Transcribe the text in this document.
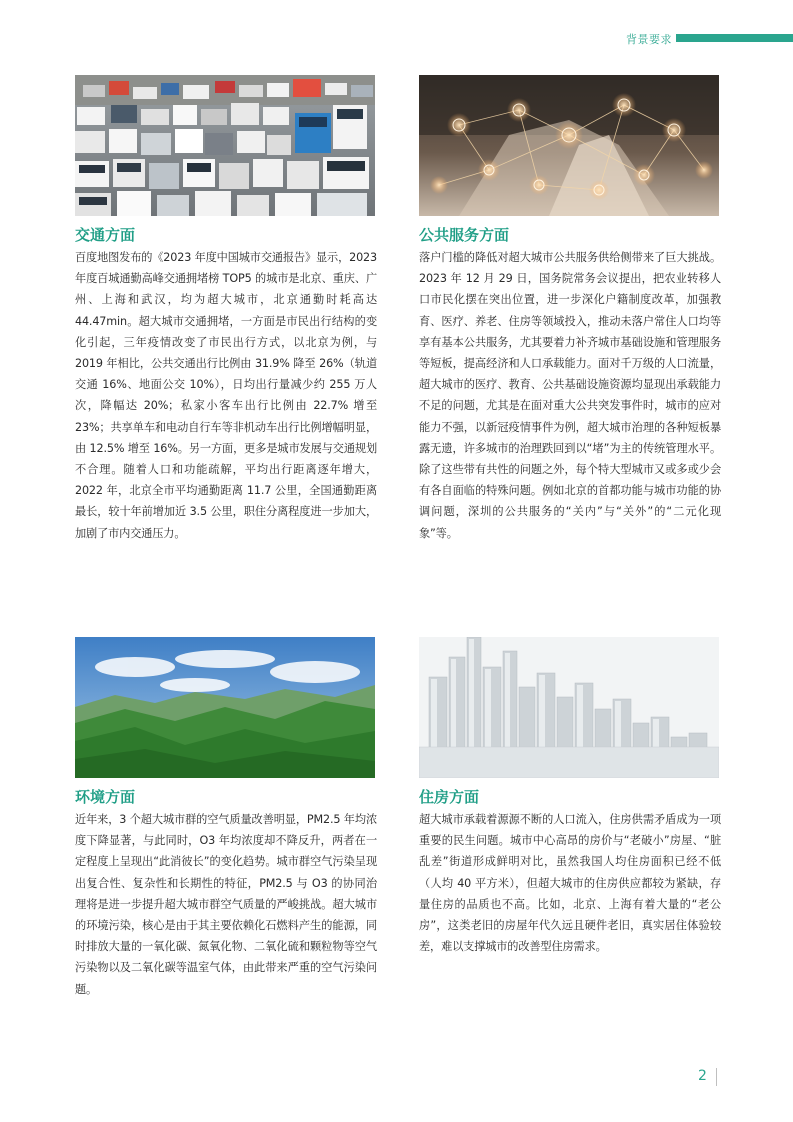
背景要求
交通方面
百度地图发布的《2023 年度中国城市交通报告》显示，2023 年度百城通勤高峰交通拥堵榜 TOP5 的城市是北京、重庆、广州、上海和武汉，均为超大城市，北京通勤时耗高达 44.47min。超大城市交通拥堵，一方面是市民出行结构的变化引起，三年疫情改变了市民出行方式，以北京为例，与 2019 年相比，公共交通出行比例由 31.9% 降至 26%（轨道交通 16%、地面公交 10%），日均出行量减少约 255 万人次，降幅达 20%；私家小客车出行比例由 22.7% 增至 23%；共享单车和电动自行车等非机动车出行比例增幅明显，由 12.5% 增至 16%。另一方面，更多是城市发展与交通规划不合理。随着人口和功能疏解，平均出行距离逐年增大，2022 年，北京全市平均通勤距离 11.7 公里，全国通勤距离最长，较十年前增加近 3.5 公里，职住分离程度进一步加大，加剧了市内交通压力。
公共服务方面
落户门槛的降低对超大城市公共服务供给侧带来了巨大挑战。2023 年 12 月 29 日，国务院常务会议提出，把农业转移人口市民化摆在突出位置，进一步深化户籍制度改革，加强教育、医疗、养老、住房等领域投入，推动未落户常住人口均等享有基本公共服务，尤其要着力补齐城市基础设施和管理服务等短板，提高经济和人口承载能力。面对千万级的人口流量，超大城市的医疗、教育、公共基础设施资源均显现出承载能力不足的问题，尤其是在面对重大公共突发事件时，城市的应对能力不强，以新冠疫情事件为例，超大城市治理的各种短板暴露无遗，许多城市的治理跌回到以“堵”为主的传统管理水平。除了这些带有共性的问题之外，每个特大型城市又或多或少会有各自面临的特殊问题。例如北京的首都功能与城市功能的协调问题，深圳的公共服务的“关内”与“关外”的“二元化现象”等。
环境方面
近年来，3 个超大城市群的空气质量改善明显，PM2.5 年均浓度下降显著，与此同时，O3 年均浓度却不降反升，两者在一定程度上呈现出“此消彼长”的变化趋势。城市群空气污染呈现出复合性、复杂性和长期性的特征，PM2.5 与 O3 的协同治理将是进一步提升超大城市群空气质量的严峻挑战。超大城市的环境污染，核心是由于其主要依赖化石燃料产生的能源，同时排放大量的一氧化碳、氮氧化物、二氧化硫和颗粒物等空气污染物以及二氧化碳等温室气体，由此带来严重的空气污染问题。
住房方面
超大城市承载着源源不断的人口流入，住房供需矛盾成为一项重要的民生问题。城市中心高昂的房价与“老破小”房屋、“脏乱差”街道形成鲜明对比，虽然我国人均住房面积已经不低（人均 40 平方米），但超大城市的住房供应都较为紧缺，存量住房的品质也不高。比如，北京、上海有着大量的“老公房”，这类老旧的房屋年代久远且硬件老旧，真实居住体验较差，难以支撑城市的改善型住房需求。
2
